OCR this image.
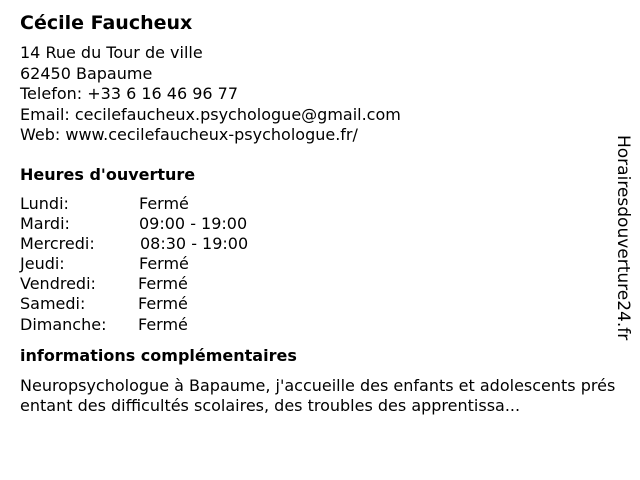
Cécile Faucheux
14 Rue du Tour de ville
62450 Bapaume
Telefon: +33 6 16 46 96 77
Email: cecilefaucheux.psychologue@gmail.com
Web: www.cecilefaucheux-psychologue.fr/
Heures d'ouverture
Lundi:	Fermé
Mardi:	09:00 - 19:00
Mercredi:	08:30 - 19:00
Jeudi:	Fermé
Vendredi:	Fermé
Samedi:	Fermé
Dimanche: Fermé
informations complémentaires

Neuropsychologue à Bapaume, j'accueille des enfants et adolescents présentant des difficultés scolaires, des troubles des apprentissa...

Horairesdouverture24.fr
